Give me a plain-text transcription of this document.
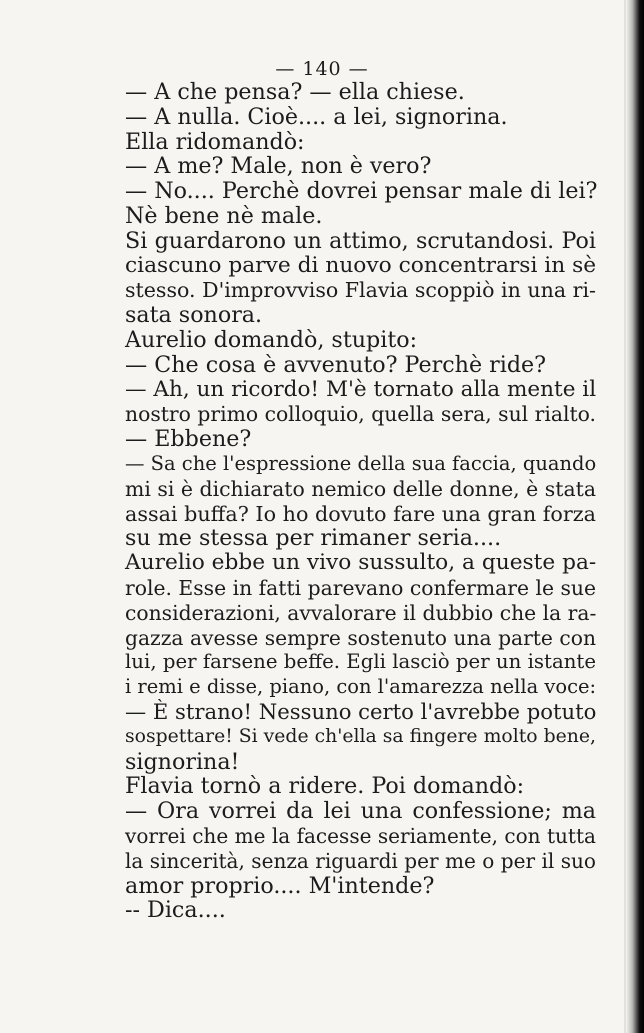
— 140 —
— A che pensa? — ella chiese.
— A nulla. Cioè.... a lei, signorina.
Ella ridomandò:
— A me? Male, non è vero?
— No.... Perchè dovrei pensar male di lei?
Nè bene nè male.
Si guardarono un attimo, scrutandosi. Poi
ciascuno parve di nuovo concentrarsi in sè
stesso. D'improvviso Flavia scoppiò in una ri-
sata sonora.
Aurelio domandò, stupito:
— Che cosa è avvenuto? Perchè ride?
— Ah, un ricordo! M'è tornato alla mente il
nostro primo colloquio, quella sera, sul rialto.
— Ebbene?
— Sa che l'espressione della sua faccia, quando
mi si è dichiarato nemico delle donne, è stata
assai buffa? Io ho dovuto fare una gran forza
su me stessa per rimaner seria....
Aurelio ebbe un vivo sussulto, a queste pa-
role. Esse in fatti parevano confermare le sue
considerazioni, avvalorare il dubbio che la ra-
gazza avesse sempre sostenuto una parte con
lui, per farsene beffe. Egli lasciò per un istante
i remi e disse, piano, con l'amarezza nella voce:
— È strano! Nessuno certo l'avrebbe potuto
sospettare! Si vede ch'ella sa fingere molto bene,
signorina!
Flavia tornò a ridere. Poi domandò:
— Ora vorrei da lei una confessione; ma
vorrei che me la facesse seriamente, con tutta
la sincerità, senza riguardi per me o per il suo
amor proprio.... M'intende?
-- Dica....
